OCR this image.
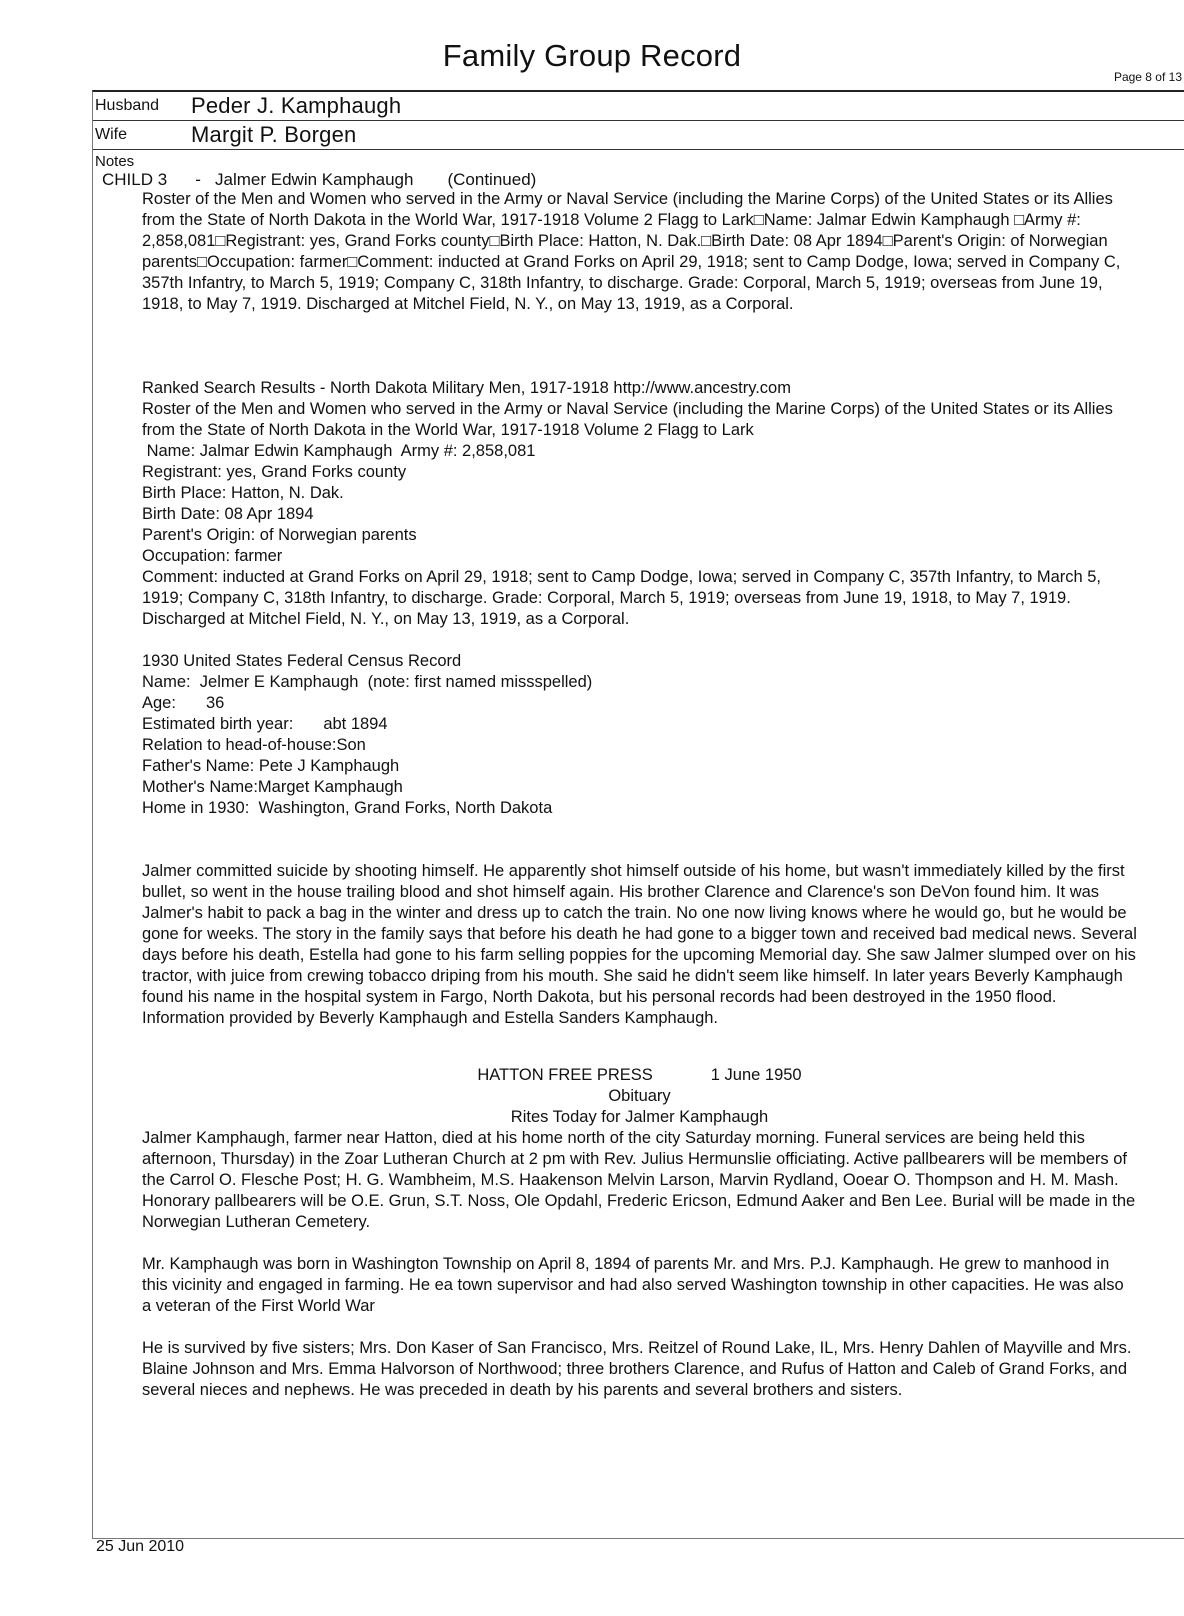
Family Group Record
Page 8 of 13
Husband	Peder J. Kamphaugh
Wife	Margit P. Borgen
Notes
CHILD 3 - Jalmer Edwin Kamphaugh (Continued)

Roster of the Men and Women who served in the Army or Naval Service (including the Marine Corps) of the United States or its Allies from the State of North Dakota in the World War, 1917-1918 Volume 2 Flagg to Lark□Name: Jalmar Edwin Kamphaugh □Army #: 2,858,081□Registrant: yes, Grand Forks county□Birth Place: Hatton, N. Dak.□Birth Date: 08 Apr 1894□Parent's Origin: of Norwegian parents□Occupation: farmer□Comment: inducted at Grand Forks on April 29, 1918; sent to Camp Dodge, Iowa; served in Company C, 357th Infantry, to March 5, 1919; Company C, 318th Infantry, to discharge. Grade: Corporal, March 5, 1919; overseas from June 19, 1918, to May 7, 1919. Discharged at Mitchel Field, N. Y., on May 13, 1919, as a Corporal.

Ranked Search Results - North Dakota Military Men, 1917-1918 http://www.ancestry.com

Roster of the Men and Women who served in the Army or Naval Service (including the Marine Corps) of the United States or its Allies from the State of North Dakota in the World War, 1917-1918 Volume 2 Flagg to Lark

Name: Jalmar Edwin Kamphaugh  Army #: 2,858,081

Registrant: yes, Grand Forks county

Birth Place: Hatton, N. Dak.

Birth Date: 08 Apr 1894

Parent's Origin: of Norwegian parents

Occupation: farmer

Comment: inducted at Grand Forks on April 29, 1918; sent to Camp Dodge, Iowa; served in Company C, 357th Infantry, to March 5, 1919; Company C, 318th Infantry, to discharge. Grade: Corporal, March 5, 1919; overseas from June 19, 1918, to May 7, 1919. Discharged at Mitchel Field, N. Y., on May 13, 1919, as a Corporal.

1930 United States Federal Census Record

Name: Jelmer E Kamphaugh  (note: first named missspelled)

Age: 36

Estimated birth year: abt 1894

Relation to head-of-house:Son

Father's Name: Pete J Kamphaugh

Mother's Name:Marget Kamphaugh

Home in 1930:  Washington, Grand Forks, North Dakota

Jalmer committed suicide by shooting himself. He apparently shot himself outside of his home, but wasn't immediately killed by the first bullet, so went in the house trailing blood and shot himself again. His brother Clarence and Clarence's son DeVon found him. It was Jalmer's habit to pack a bag in the winter and dress up to catch the train. No one now living knows where he would go, but he would be gone for weeks. The story in the family says that before his death he had gone to a bigger town and received bad medical news. Several days before his death, Estella had gone to his farm selling poppies for the upcoming Memorial day. She saw Jalmer slumped over on his tractor, with juice from crewing tobacco driping from his mouth. She said he didn't seem like himself. In later years Beverly Kamphaugh found his name in the hospital system in Fargo, North Dakota, but his personal records had been destroyed in the 1950 flood.

Information provided by Beverly Kamphaugh and Estella Sanders Kamphaugh.

HATTON FREE PRESS	1 June 1950

Obituary

Rites Today for Jalmer Kamphaugh

Jalmer Kamphaugh, farmer near Hatton, died at his home north of the city Saturday morning. Funeral services are being held this afternoon, Thursday) in the Zoar Lutheran Church at 2 pm with Rev. Julius Hermunslie officiating. Active pallbearers will be members of the Carrol O. Flesche Post; H. G. Wambheim, M.S. Haakenson Melvin Larson, Marvin Rydland, Ooear O. Thompson and H. M. Mash. Honorary pallbearers will be O.E. Grun, S.T. Noss, Ole Opdahl, Frederic Ericson, Edmund Aaker and Ben Lee. Burial will be made in the Norwegian Lutheran Cemetery.

Mr. Kamphaugh was born in Washington Township on April 8, 1894 of parents Mr. and Mrs. P.J. Kamphaugh. He grew to manhood in this vicinity and engaged in farming. He ea town supervisor and had also served Washington township in other capacities. He was also a veteran of the First World War

He is survived by five sisters; Mrs. Don Kaser of San Francisco, Mrs. Reitzel of Round Lake, IL, Mrs. Henry Dahlen of Mayville and Mrs. Blaine Johnson and Mrs. Emma Halvorson of Northwood; three brothers Clarence, and Rufus of Hatton and Caleb of Grand Forks, and several nieces and nephews. He was preceded in death by his parents and several brothers and sisters.

25 Jun 2010
